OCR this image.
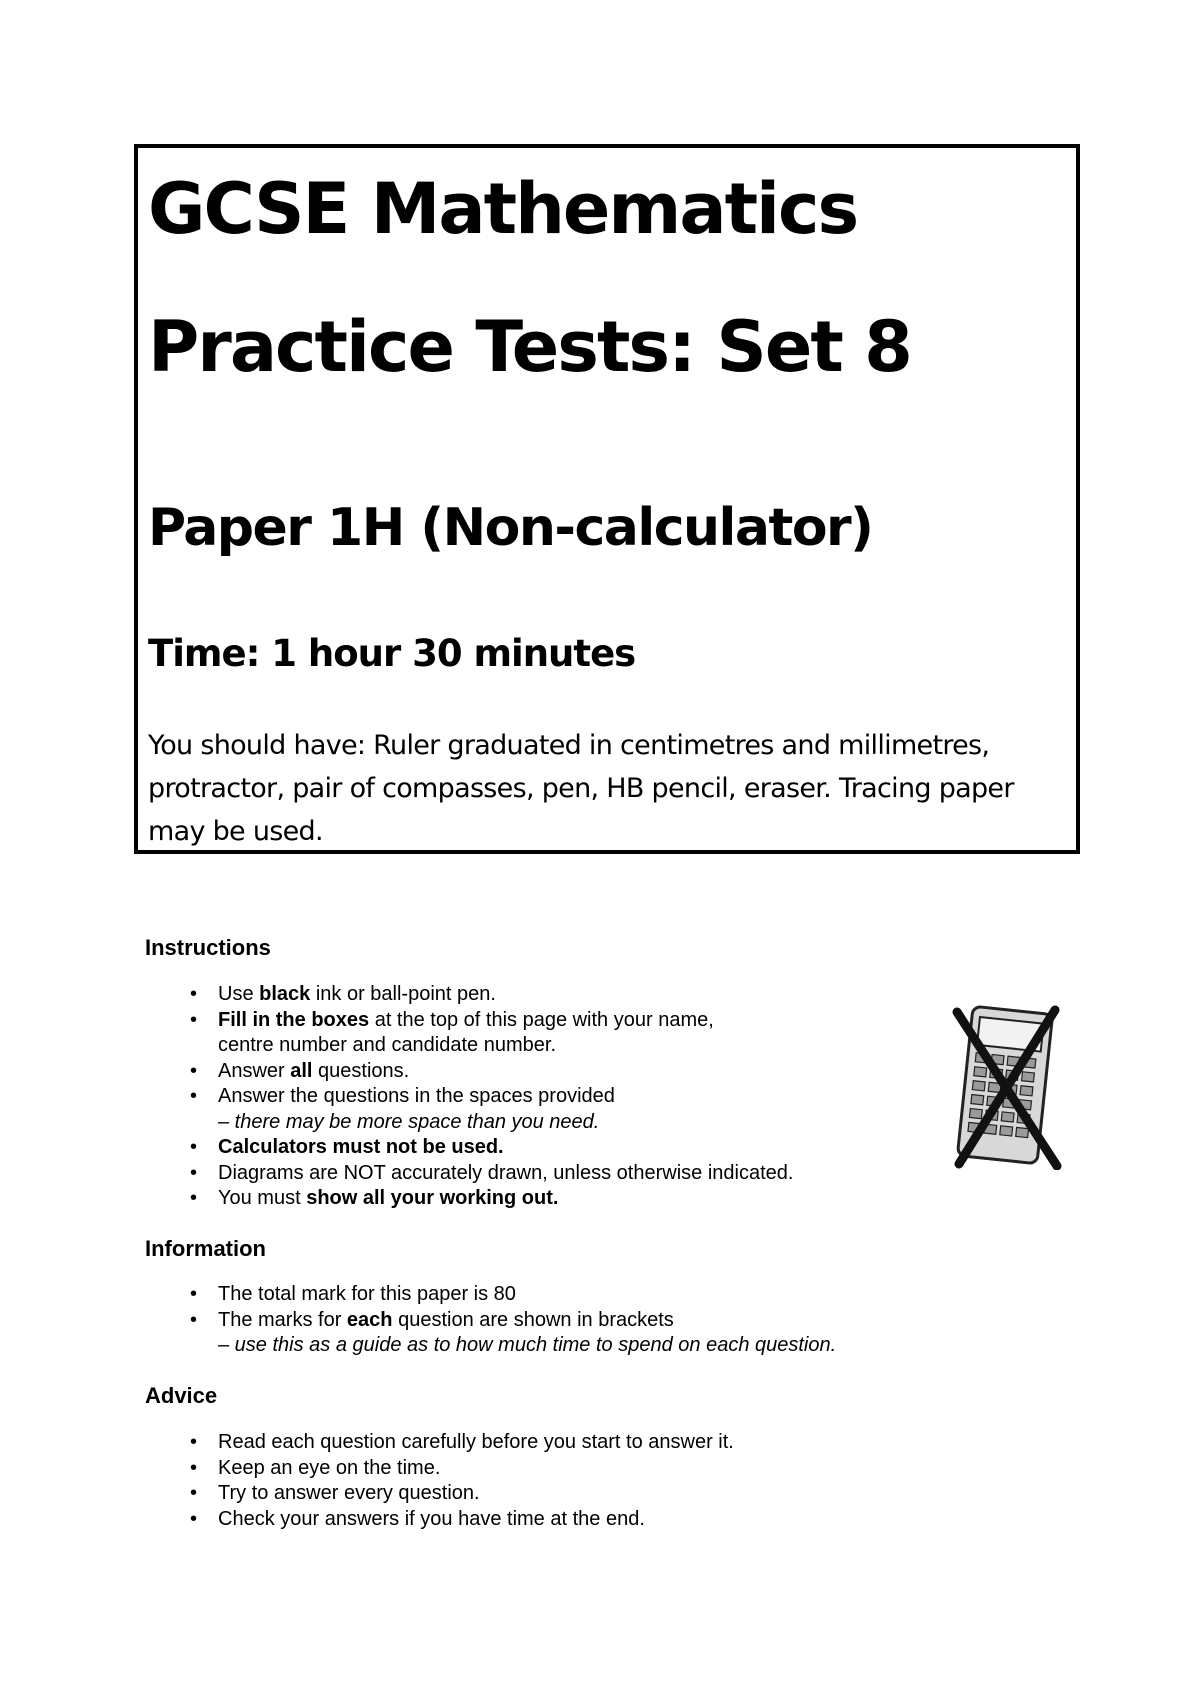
GCSE Mathematics
Practice Tests: Set 8
Paper 1H (Non-calculator)
Time: 1 hour 30 minutes
You should have: Ruler graduated in centimetres and millimetres, protractor, pair of compasses, pen, HB pencil, eraser. Tracing paper may be used.
Instructions
• Use black ink or ball-point pen.
• Fill in the boxes at the top of this page with your name,
centre number and candidate number.
• Answer all questions.
• Answer the questions in the spaces provided
– there may be more space than you need.
• Calculators must not be used.
• Diagrams are NOT accurately drawn, unless otherwise indicated.
• You must show all your working out.
Information
• The total mark for this paper is 80
• The marks for each question are shown in brackets
– use this as a guide as to how much time to spend on each question.
Advice
• Read each question carefully before you start to answer it.
• Keep an eye on the time.
• Try to answer every question.
• Check your answers if you have time at the end.
